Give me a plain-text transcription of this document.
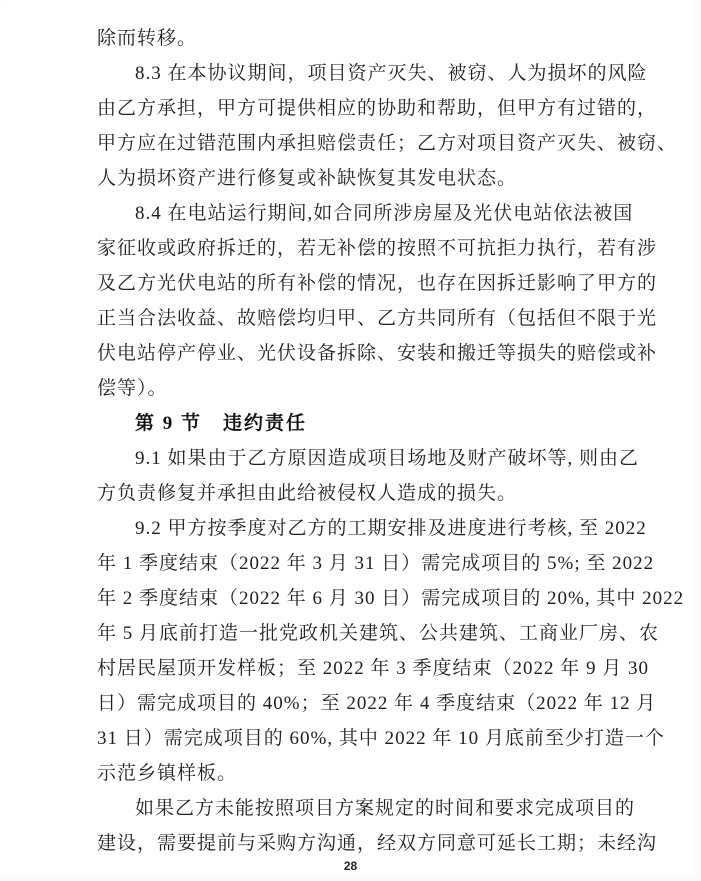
除而转移。
8.3 在本协议期间，项目资产灭失、被窃、人为损坏的风险
由乙方承担，甲方可提供相应的协助和帮助，但甲方有过错的，
甲方应在过错范围内承担赔偿责任；乙方对项目资产灭失、被窃、
人为损坏资产进行修复或补缺恢复其发电状态。
8.4 在电站运行期间,如合同所涉房屋及光伏电站依法被国
家征收或政府拆迁的，若无补偿的按照不可抗拒力执行，若有涉
及乙方光伏电站的所有补偿的情况，也存在因拆迁影响了甲方的
正当合法收益、故赔偿均归甲、乙方共同所有（包括但不限于光
伏电站停产停业、光伏设备拆除、安装和搬迁等损失的赔偿或补
偿等）。
第 9 节　违约责任
9.1 如果由于乙方原因造成项目场地及财产破坏等, 则由乙
方负责修复并承担由此给被侵权人造成的损失。
9.2 甲方按季度对乙方的工期安排及进度进行考核, 至 2022
年 1 季度结束（2022 年 3 月 31 日）需完成项目的 5%; 至 2022
年 2 季度结束（2022 年 6 月 30 日）需完成项目的 20%, 其中 2022
年 5 月底前打造一批党政机关建筑、公共建筑、工商业厂房、农
村居民屋顶开发样板；至 2022 年 3 季度结束（2022 年 9 月 30
日）需完成项目的 40%；至 2022 年 4 季度结束（2022 年 12 月
31 日）需完成项目的 60%, 其中 2022 年 10 月底前至少打造一个
示范乡镇样板。
如果乙方未能按照项目方案规定的时间和要求完成项目的
建设，需要提前与采购方沟通，经双方同意可延长工期；未经沟
28
